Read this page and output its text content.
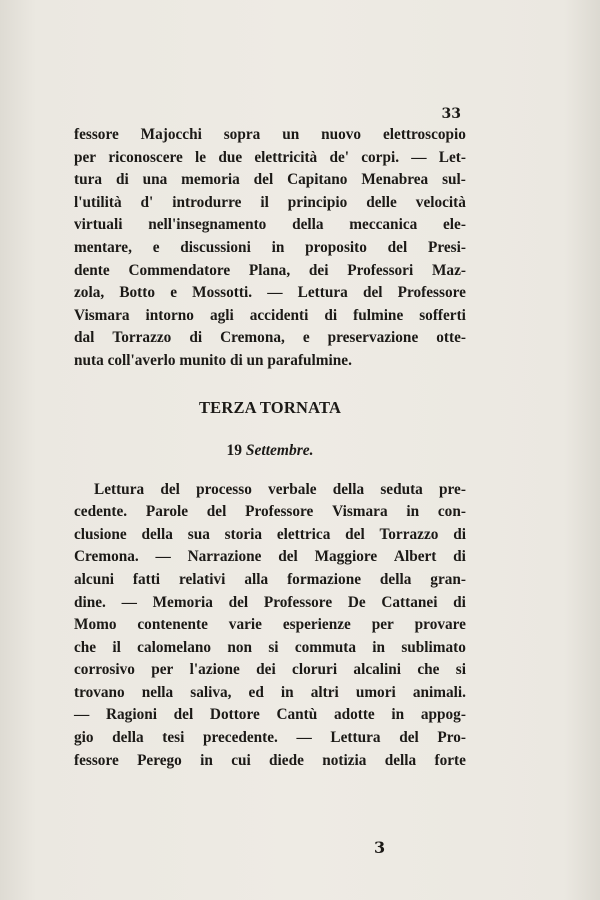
33
fessore Majocchi sopra un nuovo elettroscopio
per riconoscere le due elettricità de' corpi. — Let-
tura di una memoria del Capitano Menabrea sul-
l'utilità d' introdurre il principio delle velocità
virtuali nell'insegnamento della meccanica ele-
mentare, e discussioni in proposito del Presi-
dente Commendatore Plana, dei Professori Maz-
zola, Botto e Mossotti. — Lettura del Professore
Vismara intorno agli accidenti di fulmine sofferti
dal Torrazzo di Cremona, e preservazione otte-
nuta coll'averlo munito di un parafulmine.
TERZA TORNATA
19 Settembre.
Lettura del processo verbale della seduta pre-
cedente. Parole del Professore Vismara in con-
clusione della sua storia elettrica del Torrazzo di
Cremona. — Narrazione del Maggiore Albert di
alcuni fatti relativi alla formazione della gran-
dine. — Memoria del Professore De Cattanei di
Momo contenente varie esperienze per provare
che il calomelano non si commuta in sublimato
corrosivo per l'azione dei cloruri alcalini che si
trovano nella saliva, ed in altri umori animali.
— Ragioni del Dottore Cantù adotte in appog-
gio della tesi precedente. — Lettura del Pro-
fessore Perego in cui diede notizia della forte
3
